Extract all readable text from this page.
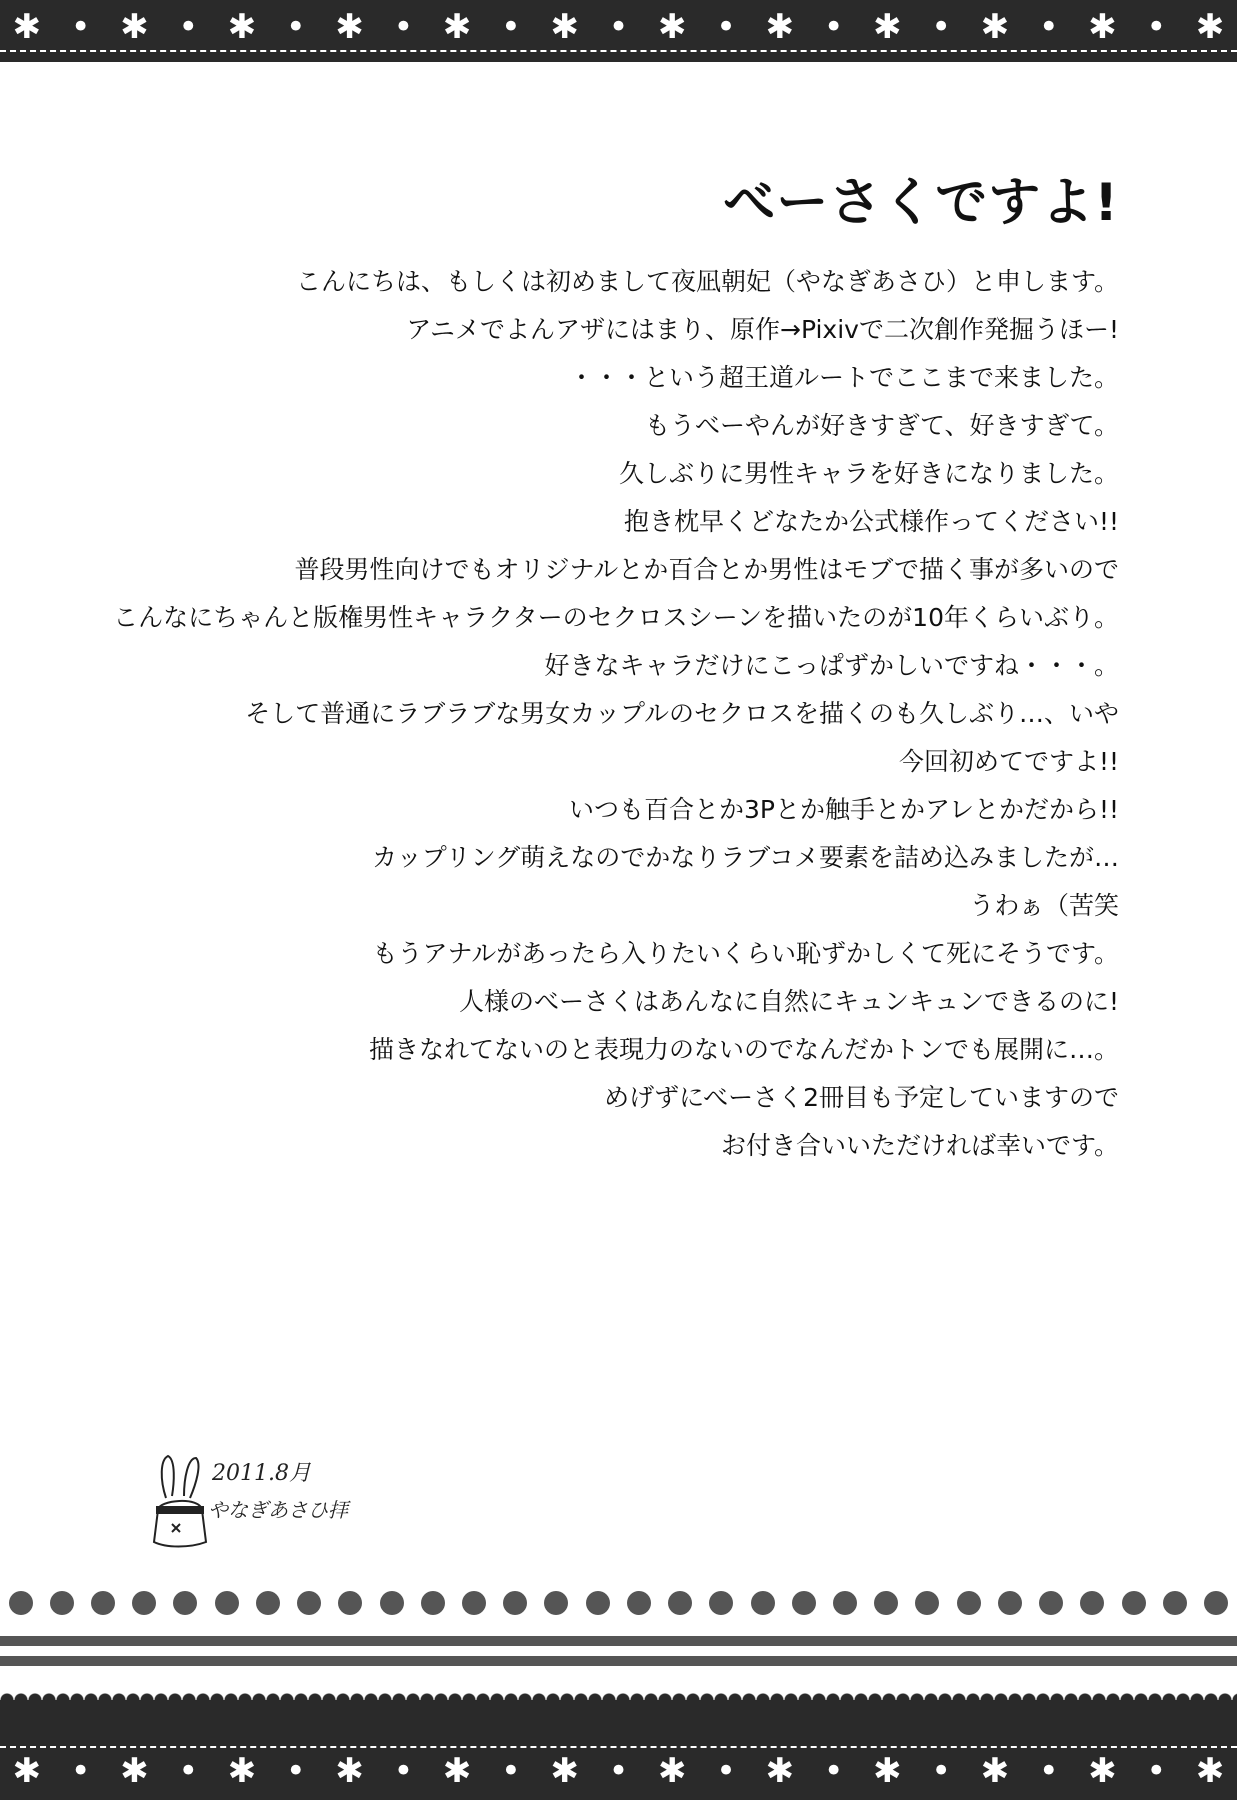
✱ • ✱ • ✱ • ✱ • ✱ • ✱ • ✱ • ✱ • ✱ • ✱ • ✱ • ✱
べーさくですよ!
こんにちは、もしくは初めまして夜凪朝妃（やなぎあさひ）と申します。
アニメでよんアザにはまり、原作→Pixivで二次創作発掘うほー!
・・・という超王道ルートでここまで来ました。
もうべーやんが好きすぎて、好きすぎて。
久しぶりに男性キャラを好きになりました。
抱き枕早くどなたか公式様作ってください!!
普段男性向けでもオリジナルとか百合とか男性はモブで描く事が多いので
こんなにちゃんと版権男性キャラクターのセクロスシーンを描いたのが10年くらいぶり。
好きなキャラだけにこっぱずかしいですね・・・。
そして普通にラブラブな男女カップルのセクロスを描くのも久しぶり…、いや
今回初めてですよ!!
いつも百合とか3Pとか触手とかアレとかだから!!
カップリング萌えなのでかなりラブコメ要素を詰め込みましたが…
うわぁ（苦笑
もうアナルがあったら入りたいくらい恥ずかしくて死にそうです。
人様のべーさくはあんなに自然にキュンキュンできるのに!
描きなれてないのと表現力のないのでなんだかトンでも展開に…。
めげずにべーさく2冊目も予定していますので
お付き合いいただければ幸いです。
2011.8月
やなぎあさひ拝
✱ • ✱ • ✱ • ✱ • ✱ • ✱ • ✱ • ✱ • ✱ • ✱ • ✱ • ✱
